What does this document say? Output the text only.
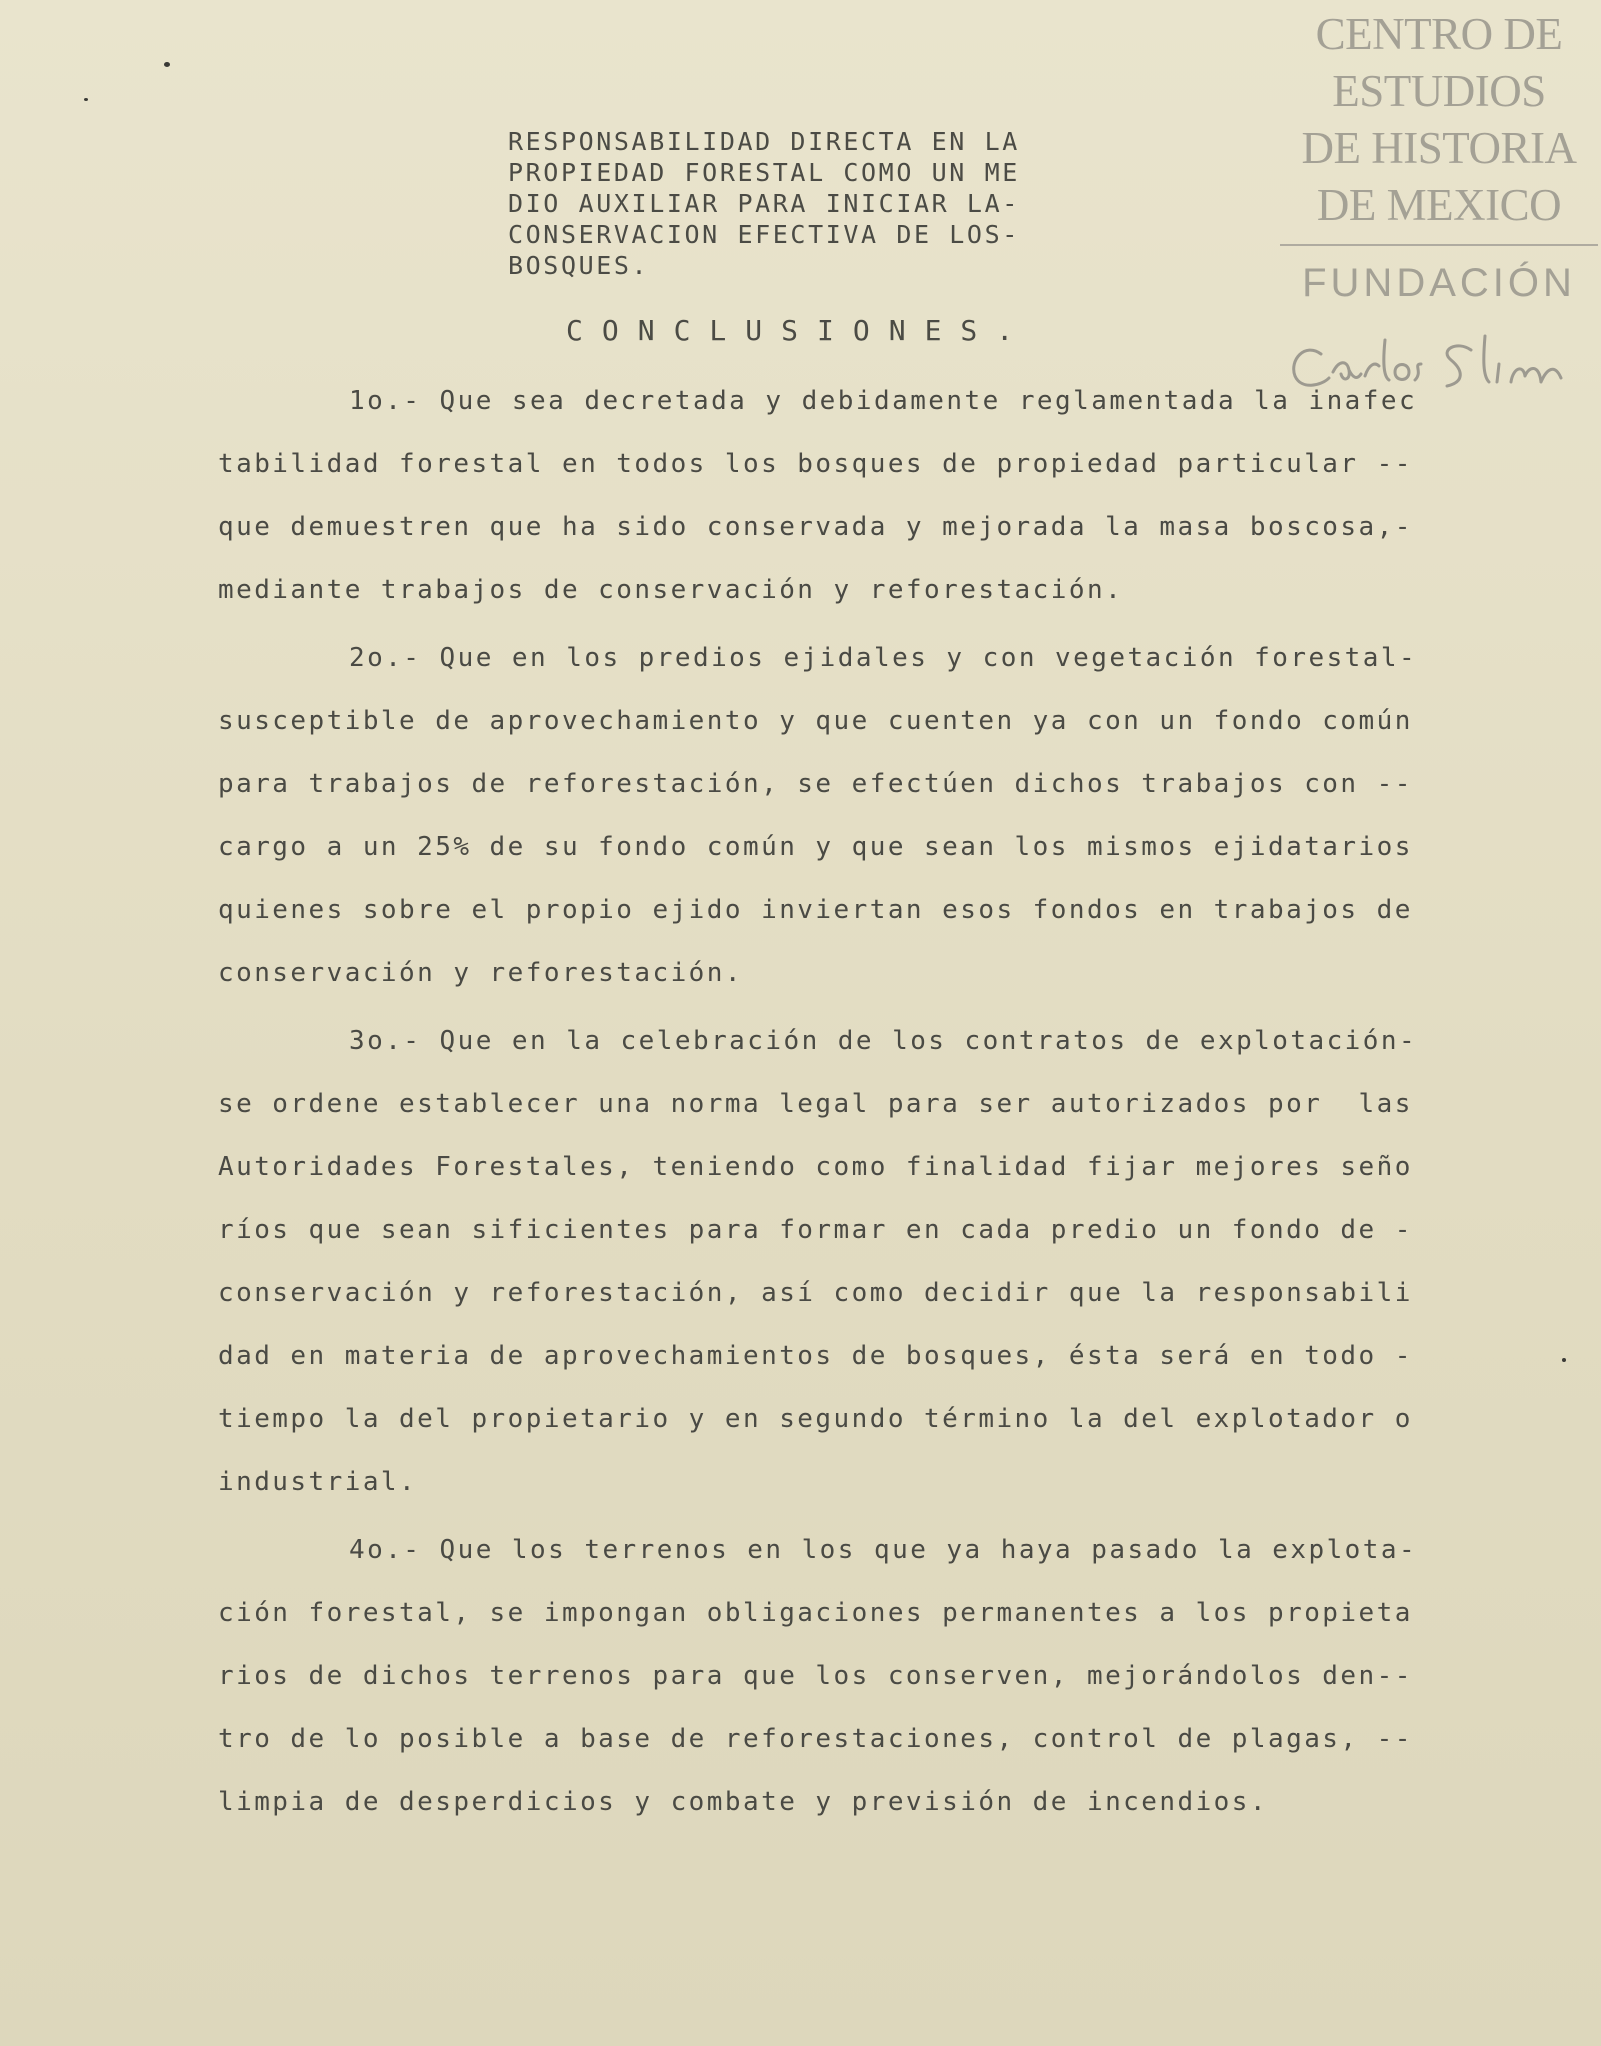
CENTRO DE
ESTUDIOS
DE HISTORIA
DE MEXICO
FUNDACIÓN
RESPONSABILIDAD DIRECTA EN LA
PROPIEDAD FORESTAL COMO UN ME
DIO AUXILIAR PARA INICIAR LA-
CONSERVACION EFECTIVA DE LOS-
BOSQUES.
CONCLUSIONES.
1o.- Que sea decretada y debidamente reglamentada la inafec
tabilidad forestal en todos los bosques de propiedad particular --
que demuestren que ha sido conservada y mejorada la masa boscosa,-
mediante trabajos de conservación y reforestación.
2o.- Que en los predios ejidales y con vegetación forestal-
susceptible de aprovechamiento y que cuenten ya con un fondo común
para trabajos de reforestación, se efectúen dichos trabajos con --
cargo a un 25% de su fondo común y que sean los mismos ejidatarios
quienes sobre el propio ejido inviertan esos fondos en trabajos de
conservación y reforestación.
3o.- Que en la celebración de los contratos de explotación-
se ordene establecer una norma legal para ser autorizados por  las
Autoridades Forestales, teniendo como finalidad fijar mejores seño
ríos que sean sificientes para formar en cada predio un fondo de -
conservación y reforestación, así como decidir que la responsabili
dad en materia de aprovechamientos de bosques, ésta será en todo -
tiempo la del propietario y en segundo término la del explotador o
industrial.
4o.- Que los terrenos en los que ya haya pasado la explota-
ción forestal, se impongan obligaciones permanentes a los propieta
rios de dichos terrenos para que los conserven, mejorándolos den--
tro de lo posible a base de reforestaciones, control de plagas, --
limpia de desperdicios y combate y previsión de incendios.
